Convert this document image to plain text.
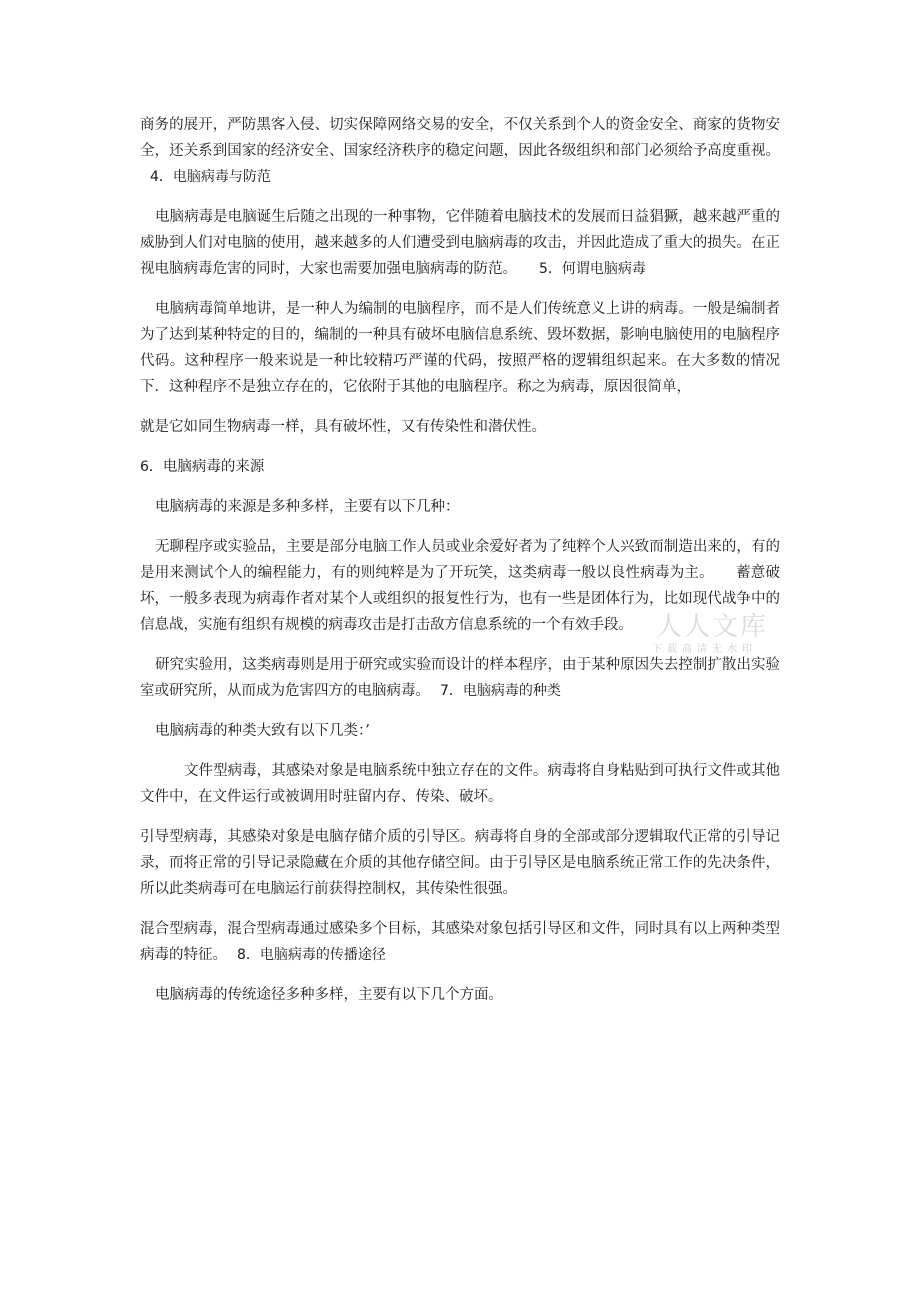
商务的展开，严防黑客入侵、切实保障网络交易的安全，不仅关系到个人的资金安全、商家的货物安全，还关系到国家的经济安全、国家经济秩序的稳定问题，因此各级组织和部门必须给予高度重视。4．电脑病毒与防范

电脑病毒是电脑诞生后随之出现的一种事物，它伴随着电脑技术的发展而日益猖獗，越来越严重的威胁到人们对电脑的使用，越来越多的人们遭受到电脑病毒的攻击，并因此造成了重大的损失。在正视电脑病毒危害的同时，大家也需要加强电脑病毒的防范。 5．何谓电脑病毒

电脑病毒简单地讲，是一种人为编制的电脑程序，而不是人们传统意义上讲的病毒。一般是编制者为了达到某种特定的目的，编制的一种具有破坏电脑信息系统、毁坏数据，影响电脑使用的电脑程序代码。这种程序一般来说是一种比较精巧严谨的代码，按照严格的逻辑组织起来。在大多数的情况下．这种程序不是独立存在的，它依附于其他的电脑程序。称之为病毒，原因很简单，

就是它如同生物病毒一样，具有破坏性，又有传染性和潜伏性。

6．电脑病毒的来源

电脑病毒的来源是多种多样，主要有以下几种：

无聊程序或实验品，主要是部分电脑工作人员或业余爱好者为了纯粹个人兴致而制造出来的，有的是用来测试个人的编程能力，有的则纯粹是为了开玩笑，这类病毒一般以良性病毒为主。 蓄意破坏，一般多表现为病毒作者对某个人或组织的报复性行为，也有一些是团体行为，比如现代战争中的信息战，实施有组织有规模的病毒攻击是打击敌方信息系统的一个有效手段。

研究实验用，这类病毒则是用于研究或实验而设计的样本程序，由于某种原因失去控制扩散出实验室或研究所，从而成为危害四方的电脑病毒。 7．电脑病毒的种类

电脑病毒的种类大致有以下几类：’

文件型病毒，其感染对象是电脑系统中独立存在的文件。病毒将自身粘贴到可执行文件或其他文件中，在文件运行或被调用时驻留内存、传染、破坏。

引导型病毒，其感染对象是电脑存储介质的引导区。病毒将自身的全部或部分逻辑取代正常的引导记录，而将正常的引导记录隐藏在介质的其他存储空间。由于引导区是电脑系统正常工作的先决条件，所以此类病毒可在电脑运行前获得控制权，其传染性很强。

混合型病毒，混合型病毒通过感染多个目标，其感染对象包括引导区和文件，同时具有以上两种类型病毒的特征。 8．电脑病毒的传播途径

电脑病毒的传统途径多种多样，主要有以下几个方面。

人人文库
下载高清无水印
